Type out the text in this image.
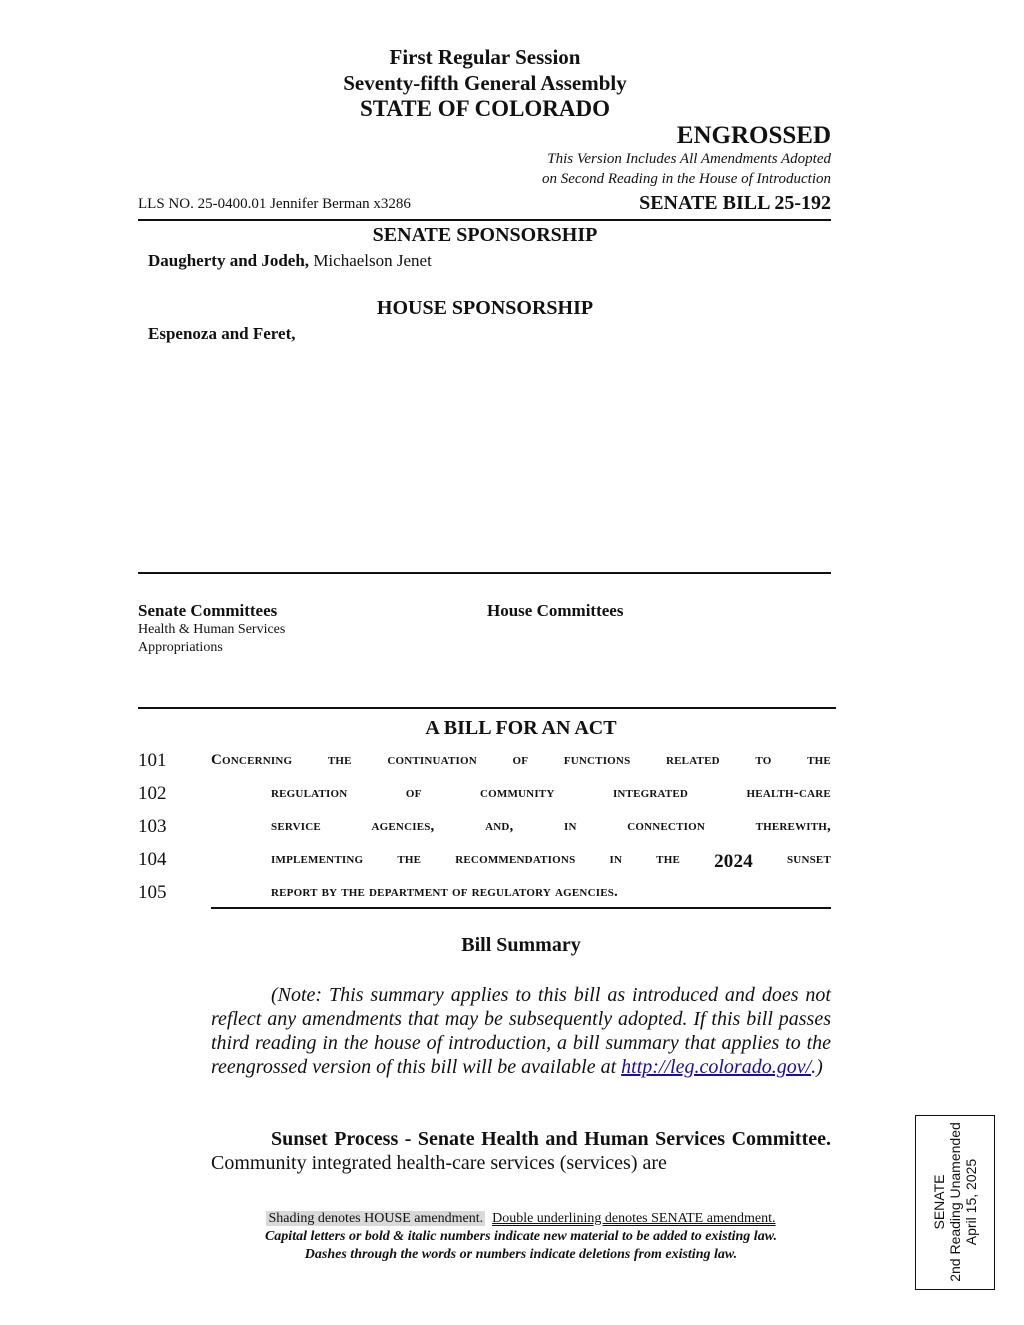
First Regular Session
Seventy-fifth General Assembly
STATE OF COLORADO
ENGROSSED
This Version Includes All Amendments Adopted
on Second Reading in the House of Introduction
LLS NO. 25-0400.01 Jennifer Berman x3286	SENATE BILL 25-192
SENATE SPONSORSHIP
Daugherty and Jodeh, Michaelson Jenet
HOUSE SPONSORSHIP
Espenoza and Feret,
Senate Committees
Health & Human Services
Appropriations
House Committees
A BILL FOR AN ACT
101
102
103
104
105
Concerning the continuation of functions related to the
regulation	of	community	integrated	health-care
service	agencies,	and,	in	connection	therewith,
implementing the recommendations in the 2024 sunset
report by the department of regulatory agencies.
Bill Summary
(Note: This summary applies to this bill as introduced and does not reflect any amendments that may be subsequently adopted. If this bill passes third reading in the house of introduction, a bill summary that applies to the reengrossed version of this bill will be available at http://leg.colorado.gov/.)
Sunset Process - Senate Health and Human Services Committee. Community integrated health-care services (services) are
Shading denotes HOUSE amendment. Double underlining denotes SENATE amendment.
Capital letters or bold & italic numbers indicate new material to be added to existing law.
Dashes through the words or numbers indicate deletions from existing law.
SENATE 2nd Reading Unamended April 15, 2025
